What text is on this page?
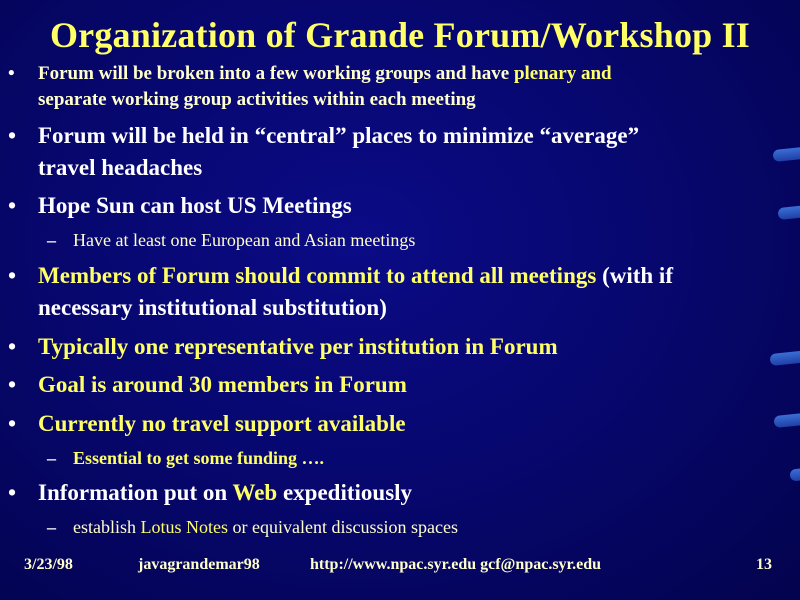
Organization of Grande Forum/Workshop II
• Forum will be broken into a few working groups and have plenary and
separate working group activities within each meeting
• Forum will be held in “central” places to minimize “average”
travel headaches
• Hope Sun can host US Meetings
– Have at least one European and Asian meetings
• Members of Forum should commit to attend all meetings (with if
necessary institutional substitution)
• Typically one representative per institution in Forum
• Goal is around 30 members in Forum
• Currently no travel support available
– Essential to get some funding ….
• Information put on Web expeditiously
– establish Lotus Notes or equivalent discussion spaces
3/23/98	javagrandemar98	http://www.npac.syr.edu gcf@npac.syr.edu	13
